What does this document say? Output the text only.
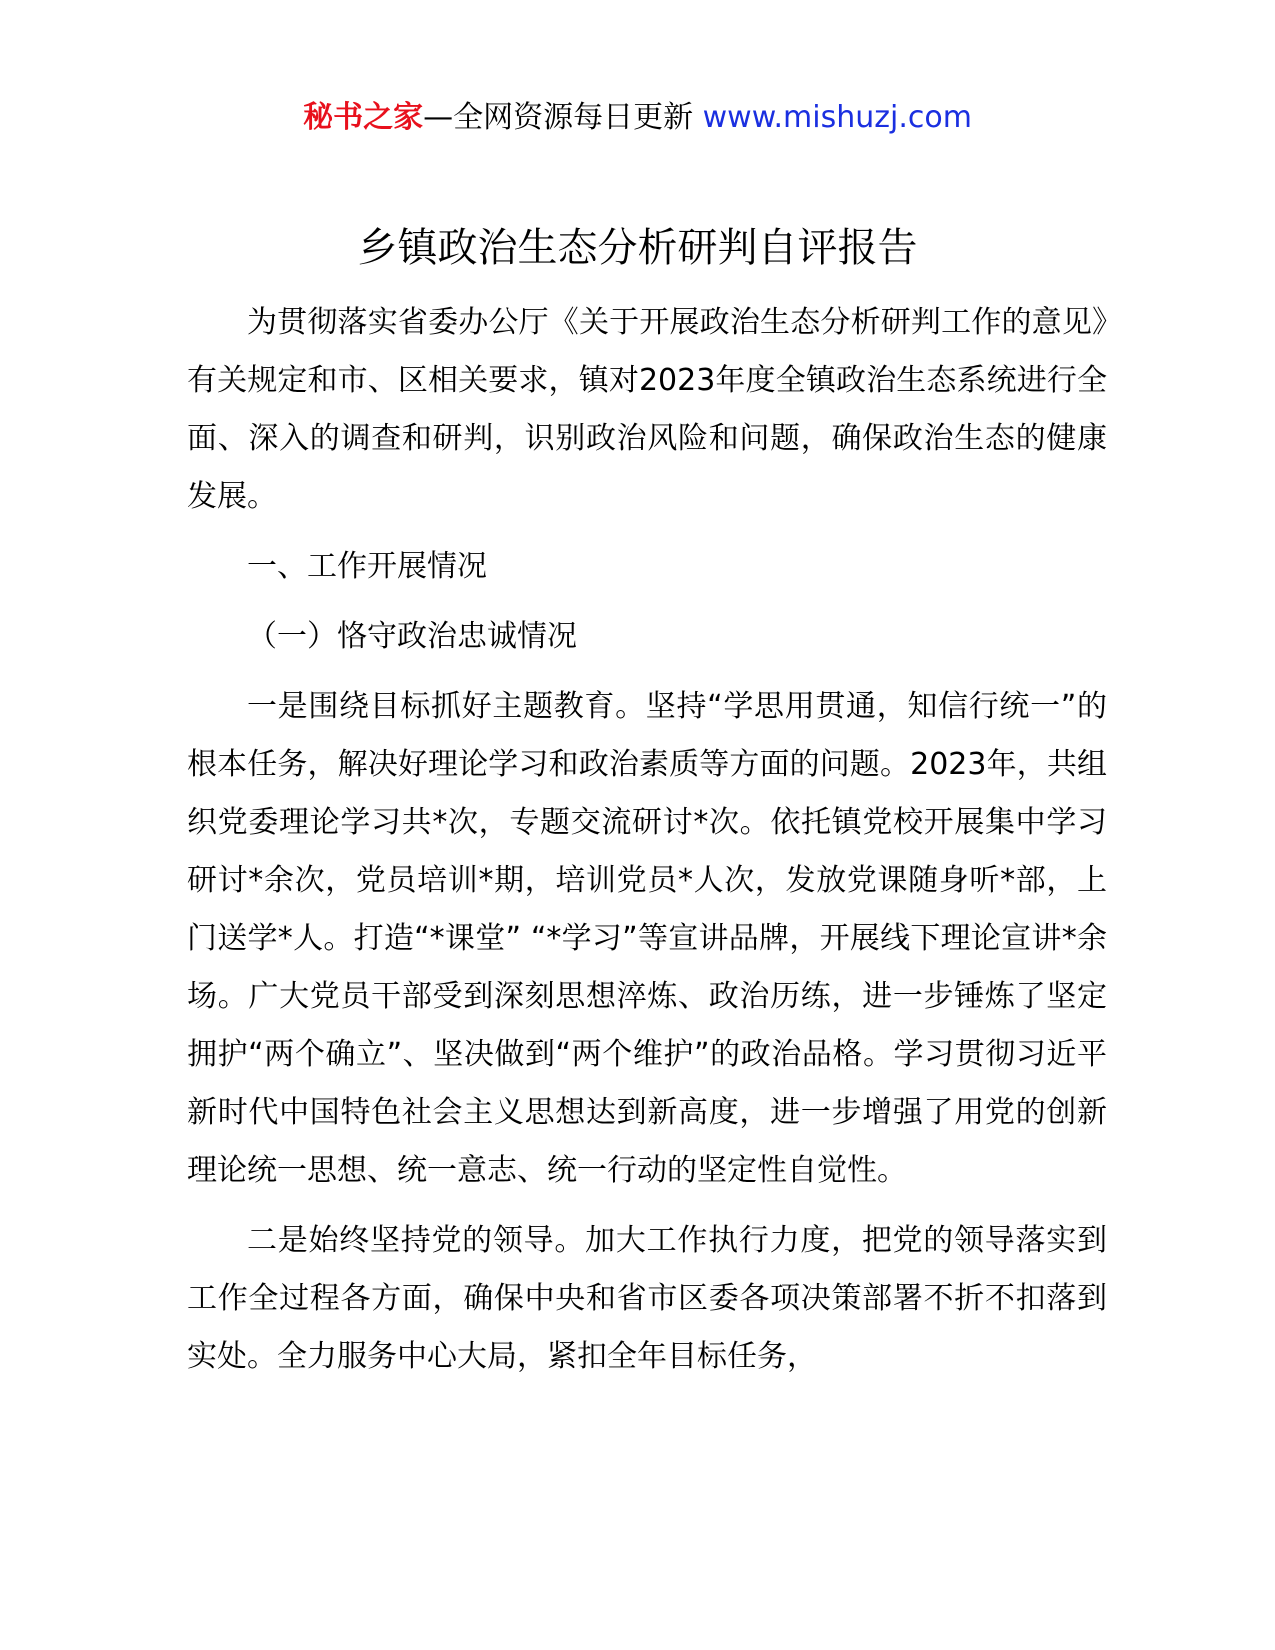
秘书之家—全网资源每日更新 www.mishuzj.com
乡镇政治生态分析研判自评报告

为贯彻落实省委办公厅《关于开展政治生态分析研判工作的意见》有关规定和市、区相关要求，镇对2023年度全镇政治生态系统进行全面、深入的调查和研判，识别政治风险和问题，确保政治生态的健康发展。

一、工作开展情况

（一）恪守政治忠诚情况

一是围绕目标抓好主题教育。坚持“学思用贯通，知信行统一”的根本任务，解决好理论学习和政治素质等方面的问题。2023年，共组织党委理论学习共*次，专题交流研讨*次。依托镇党校开展集中学习研讨*余次，党员培训*期，培训党员*人次，发放党课随身听*部，上门送学*人。打造“*课堂” “*学习”等宣讲品牌，开展线下理论宣讲*余场。广大党员干部受到深刻思想淬炼、政治历练，进一步锤炼了坚定拥护“两个确立”、坚决做到“两个维护”的政治品格。学习贯彻习近平新时代中国特色社会主义思想达到新高度，进一步增强了用党的创新理论统一思想、统一意志、统一行动的坚定性自觉性。

二是始终坚持党的领导。加大工作执行力度，把党的领导落实到工作全过程各方面，确保中央和省市区委各项决策部署不折不扣落到实处。全力服务中心大局，紧扣全年目标任务，
